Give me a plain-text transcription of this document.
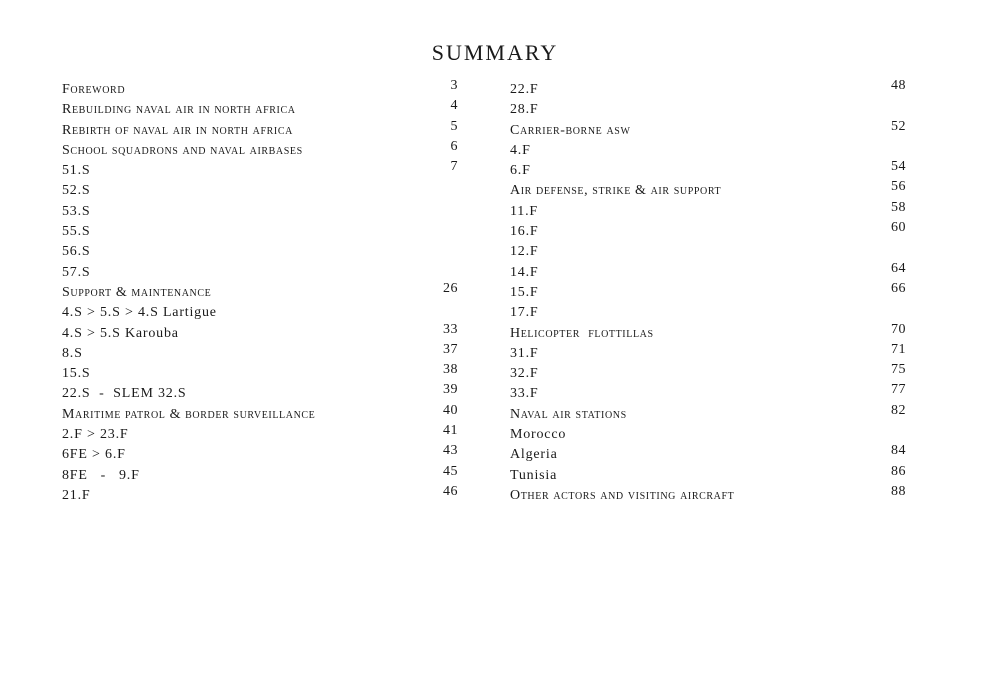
SUMMARY
Foreword	3
Rebuilding naval air in north africa	4
Rebirth of naval air in north africa	5
School squadrons and naval airbases	6
51.S	7
52.S
53.S
55.S
56.S
57.S
Support & maintenance	26
4.S > 5.S > 4.S Lartigue
4.S > 5.S Karouba	33
8.S	37
15.S	38
22.S  -  SLEM 32.S	39
Maritime patrol & border surveillance	40
2.F > 23.F	41
6FE > 6.F	43
8FE   -   9.F	45
21.F	46
22.F	48
28.F
Carrier-borne asw	52
4.F
6.F	54
Air defense, strike & air support	56
11.F	58
16.F	60
12.F
14.F	64
15.F	66
17.F
Helicopter  flottillas	70
31.F	71
32.F	75
33.F	77
Naval air stations	82
Morocco
Algeria	84
Tunisia	86
Other actors and visiting aircraft	88
